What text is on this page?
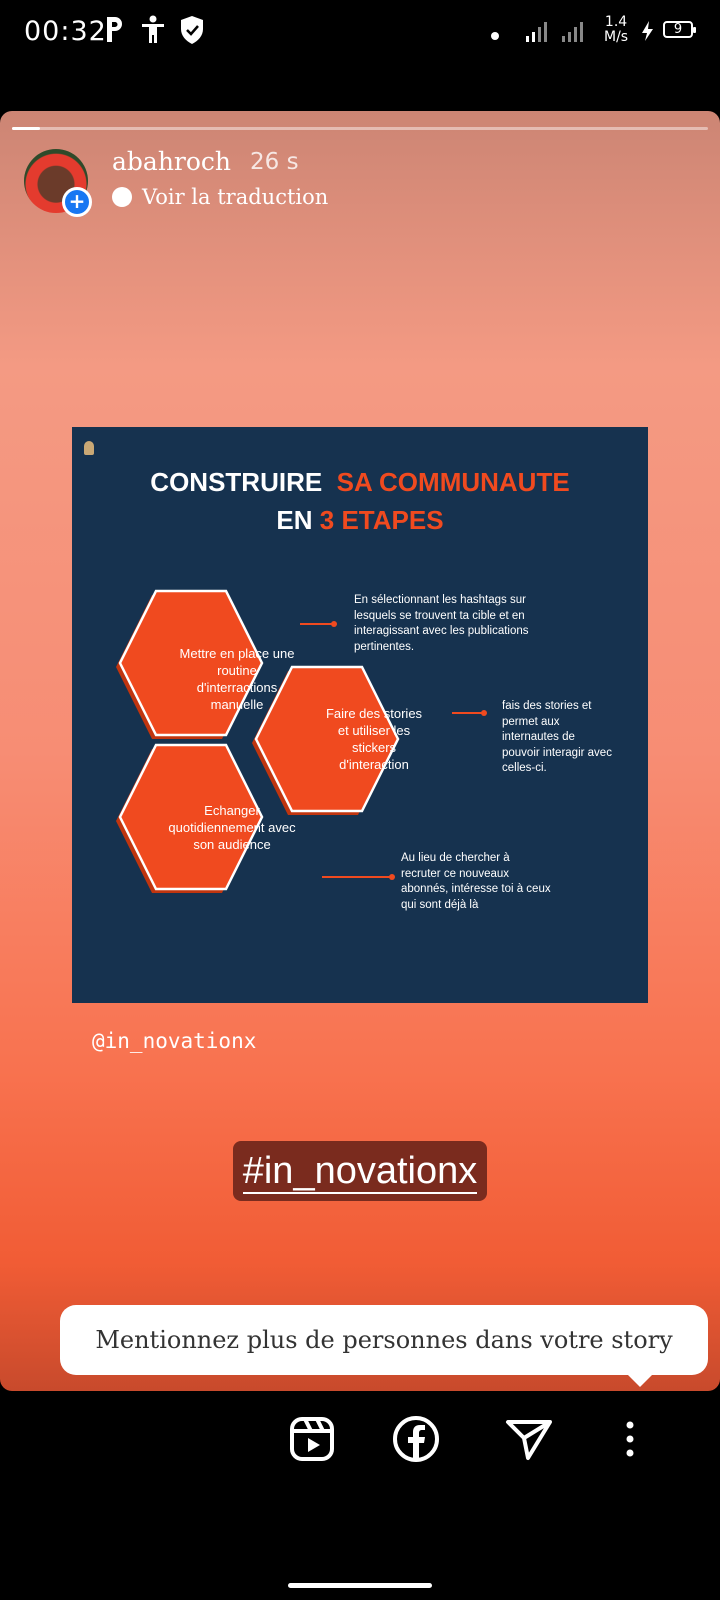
00:32	1.4
M/s	9
+
abahroch 26 s
Voir la traduction
CONSTRUIRE SA COMMUNAUTE
EN 3 ETAPES
Mettre en place une routine d'interractions manuelle
Faire des stories et utiliser les stickers d'interaction
Echanger quotidiennement avec son audience
En sélectionnant les hashtags sur lesquels se trouvent ta cible et en interagissant avec les publications pertinentes.
fais des stories et permet aux internautes de pouvoir interagir avec celles-ci.
Au lieu de chercher à recruter ce nouveaux abonnés, intéresse toi à ceux qui sont déjà là
@in_novationx
#in_novationx
Mentionnez plus de personnes dans votre story
